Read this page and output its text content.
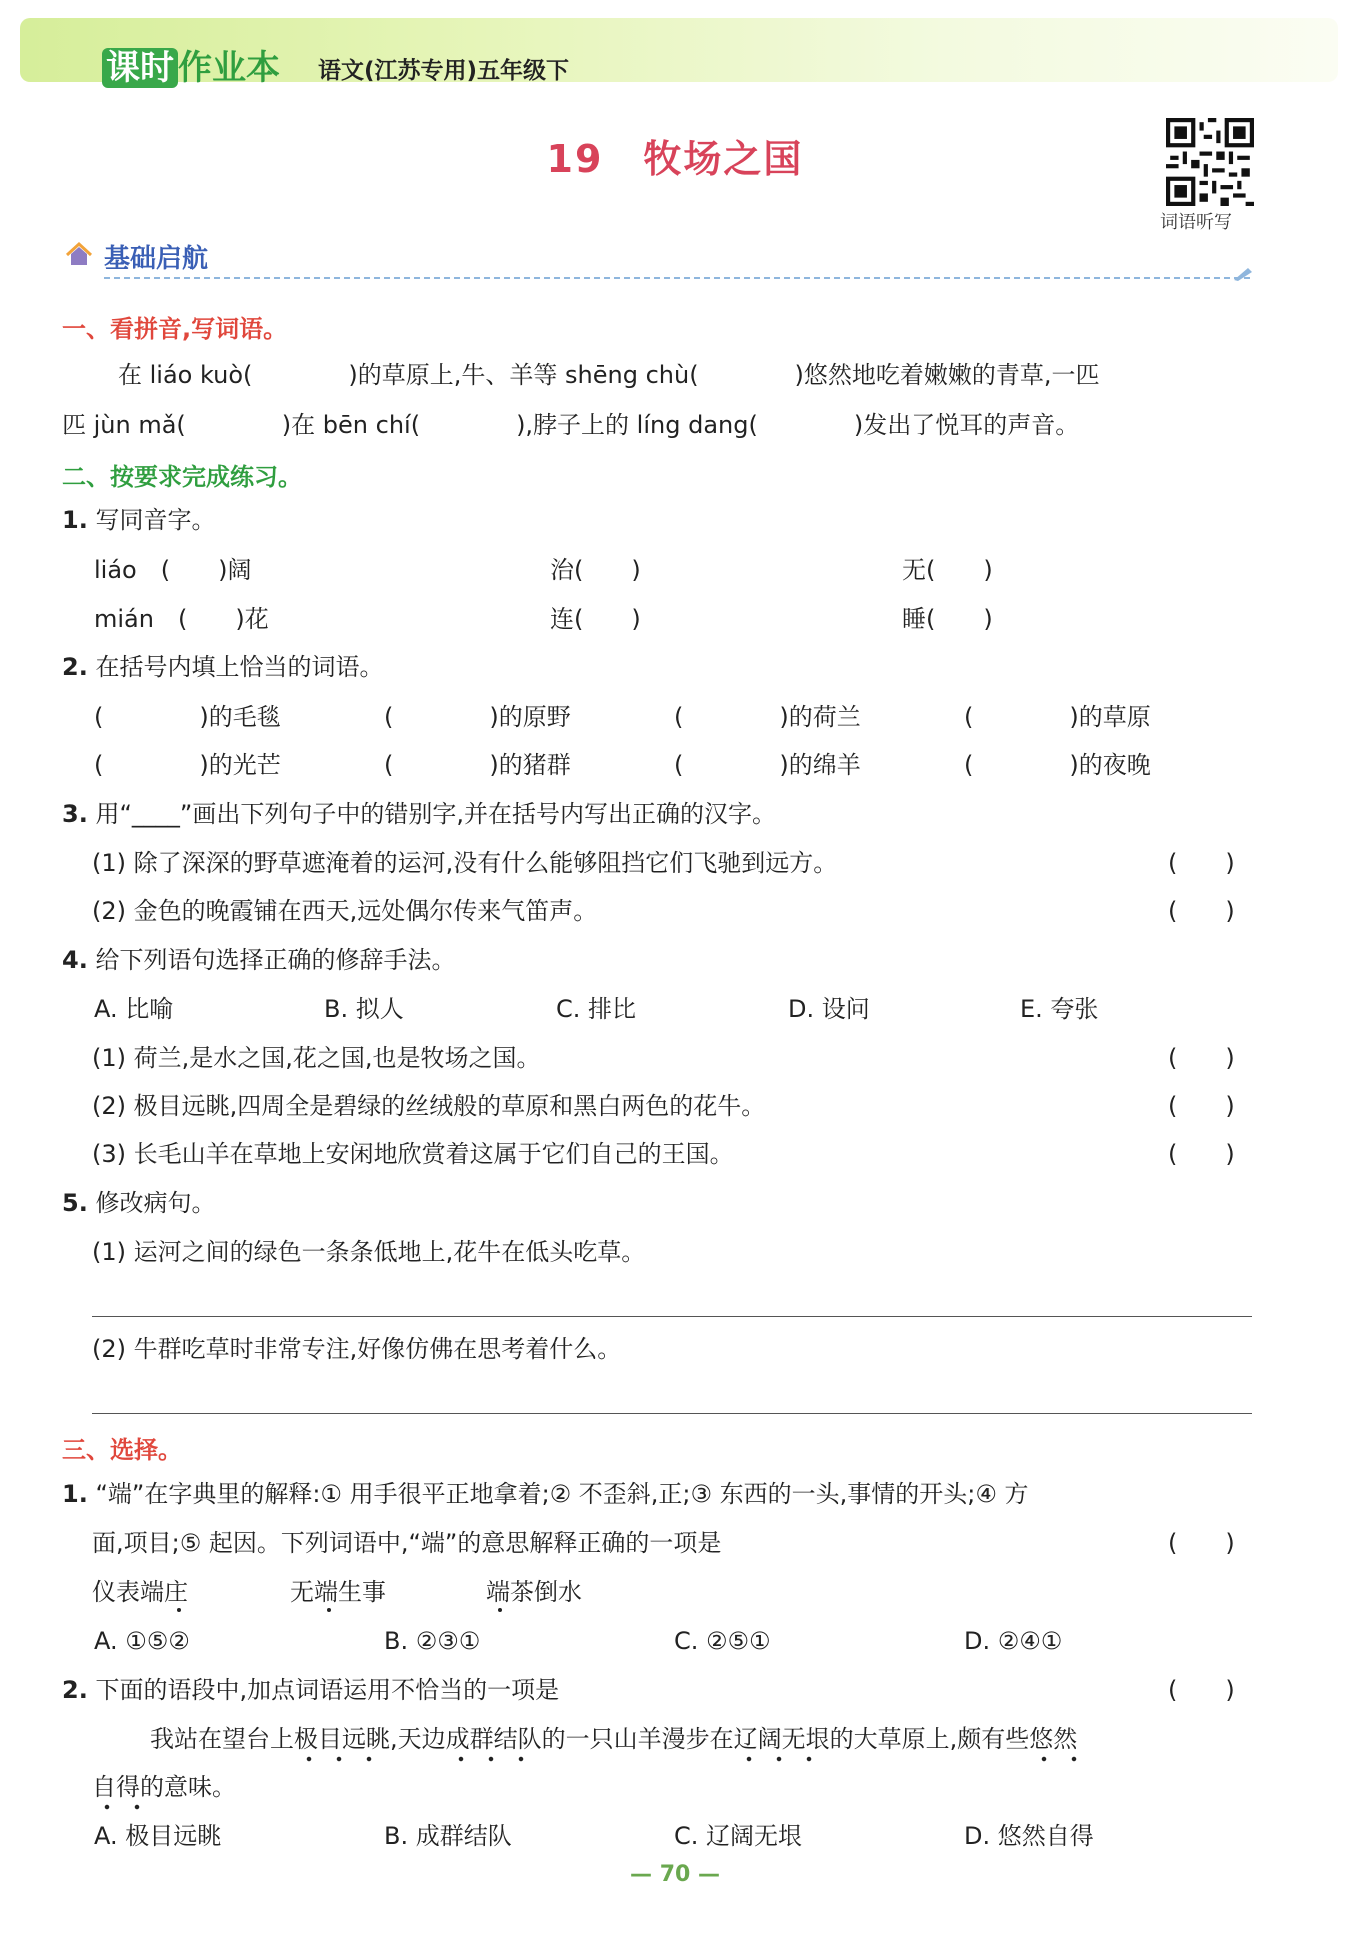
课时 作业本 语文(江苏专用)五年级下
19　牧场之国
词语听写
基础启航
一、看拼音,写词语。
在 liáo kuò(　　　　)的草原上,牛、羊等 shēng chù(　　　　)悠然地吃着嫩嫩的青草,一匹
匹 jùn mǎ(　　　　)在 bēn chí(　　　　),脖子上的 líng dang(　　　　)发出了悦耳的声音。
二、按要求完成练习。
1. 写同音字。
liáo　(　　)阔	治(　　)	无(　　)
mián　(　　)花	连(　　)	睡(　　)
2. 在括号内填上恰当的词语。
(　　　　)的毛毯	(　　　　)的原野	(　　　　)的荷兰	(　　　　)的草原
(　　　　)的光芒	(　　　　)的猪群	(　　　　)的绵羊	(　　　　)的夜晚
3. 用“____”画出下列句子中的错别字,并在括号内写出正确的汉字。
(1) 除了深深的野草遮淹着的运河,没有什么能够阻挡它们飞驰到远方。	(　　)
(2) 金色的晚霞铺在西天,远处偶尔传来气笛声。	(　　)
4. 给下列语句选择正确的修辞手法。
A. 比喻	B. 拟人	C. 排比	D. 设问	E. 夸张
(1) 荷兰,是水之国,花之国,也是牧场之国。	(　　)
(2) 极目远眺,四周全是碧绿的丝绒般的草原和黑白两色的花牛。	(　　)
(3) 长毛山羊在草地上安闲地欣赏着这属于它们自己的王国。	(　　)
5. 修改病句。
(1) 运河之间的绿色一条条低地上,花牛在低头吃草。
(2) 牛群吃草时非常专注,好像仿佛在思考着什么。
三、选择。
1. “端”在字典里的解释:① 用手很平正地拿着;② 不歪斜,正;③ 东西的一头,事情的开头;④ 方
面,项目;⑤ 起因。下列词语中,“端”的意思解释正确的一项是	(　　)
仪表端庄	无端生事	端茶倒水
A. ①⑤②	B. ②③①	C. ②⑤①	D. ②④①
2. 下面的语段中,加点词语运用不恰当的一项是	(　　)
我站在望台上极目远眺,天边成群结队的一只山羊漫步在辽阔无垠的大草原上,颇有些悠然
自得的意味。
A. 极目远眺	B. 成群结队	C. 辽阔无垠	D. 悠然自得
— 70 —
